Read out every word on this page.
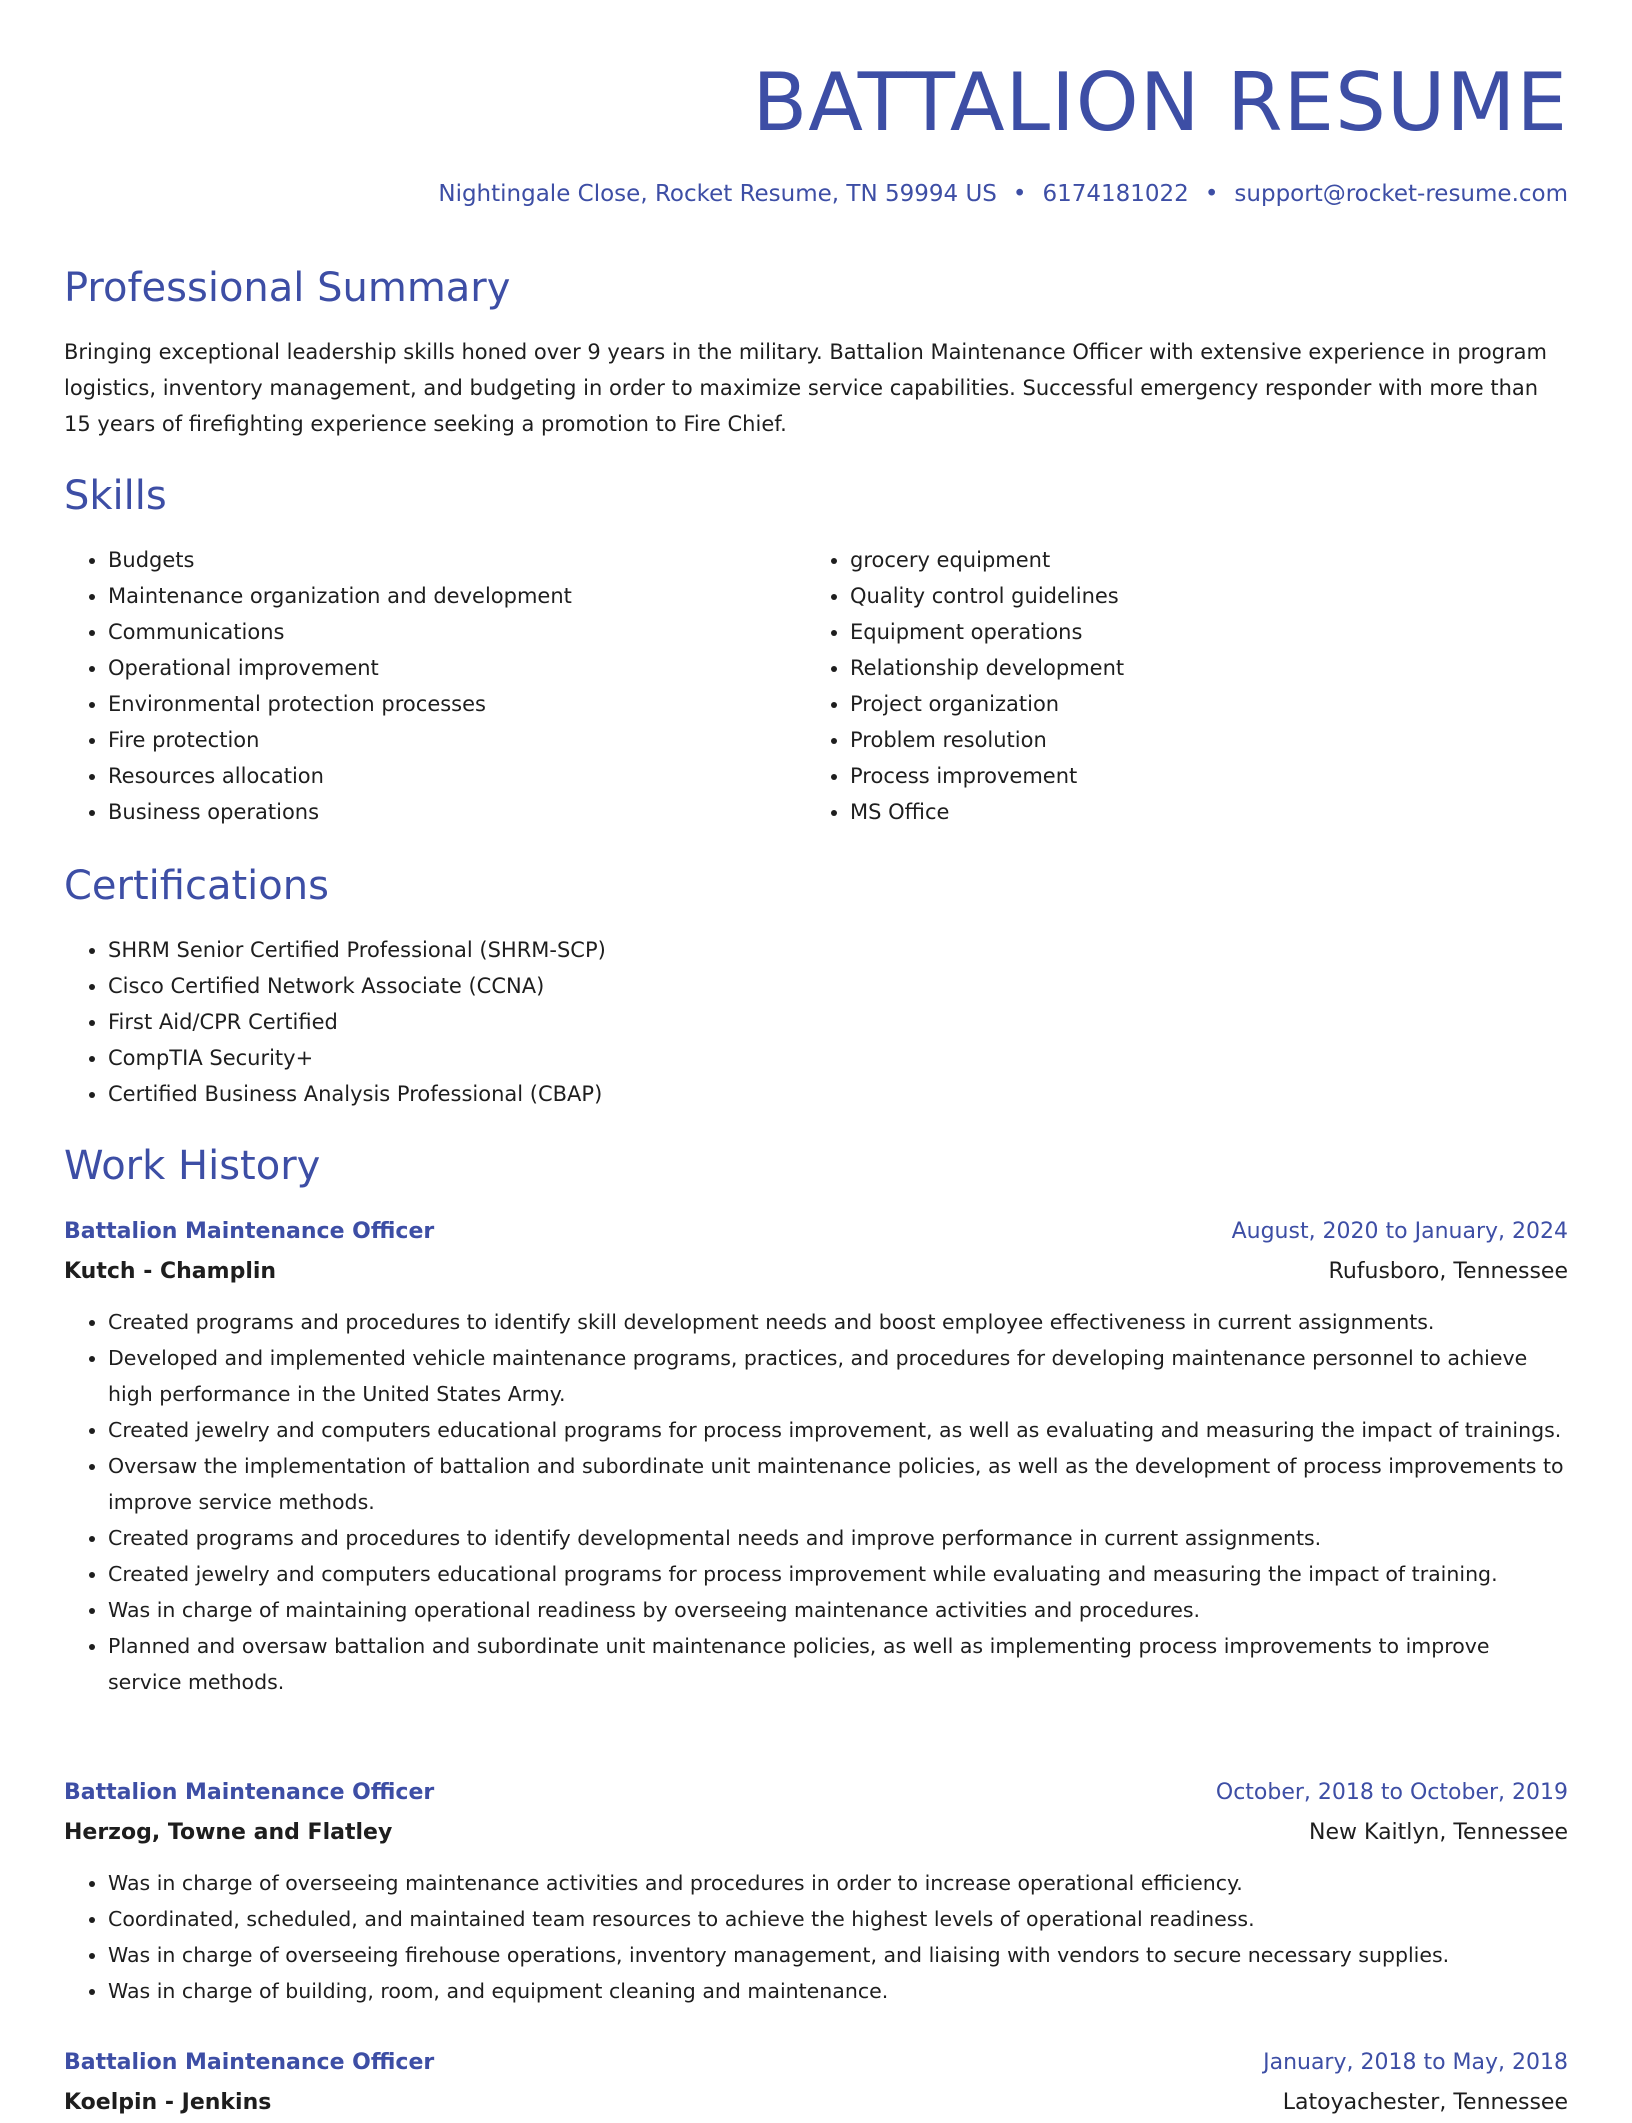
BATTALION RESUME
Nightingale Close, Rocket Resume, TN 59994 US • 6174181022 • support@rocket-resume.com
Professional Summary

Bringing exceptional leadership skills honed over 9 years in the military. Battalion Maintenance Officer with extensive experience in program logistics, inventory management, and budgeting in order to maximize service capabilities. Successful emergency responder with more than 15 years of firefighting experience seeking a promotion to Fire Chief.

Skills
• Budgets
• Maintenance organization and development
• Communications
• Operational improvement
• Environmental protection processes
• Fire protection
• Resources allocation
• Business operations
• grocery equipment
• Quality control guidelines
• Equipment operations
• Relationship development
• Project organization
• Problem resolution
• Process improvement
• MS Office
Certifications
• SHRM Senior Certified Professional (SHRM-SCP)
• Cisco Certified Network Associate (CCNA)
• First Aid/CPR Certified
• CompTIA Security+
• Certified Business Analysis Professional (CBAP)
Work History
Battalion Maintenance Officer	August, 2020 to January, 2024
Kutch - Champlin	Rufusboro, Tennessee
• Created programs and procedures to identify skill development needs and boost employee effectiveness in current assignments.
• Developed and implemented vehicle maintenance programs, practices, and procedures for developing maintenance personnel to achieve high performance in the United States Army.
• Created jewelry and computers educational programs for process improvement, as well as evaluating and measuring the impact of trainings.
• Oversaw the implementation of battalion and subordinate unit maintenance policies, as well as the development of process improvements to improve service methods.
• Created programs and procedures to identify developmental needs and improve performance in current assignments.
• Created jewelry and computers educational programs for process improvement while evaluating and measuring the impact of training.
• Was in charge of maintaining operational readiness by overseeing maintenance activities and procedures.
• Planned and oversaw battalion and subordinate unit maintenance policies, as well as implementing process improvements to improve service methods.
Battalion Maintenance Officer	October, 2018 to October, 2019
Herzog, Towne and Flatley	New Kaitlyn, Tennessee
• Was in charge of overseeing maintenance activities and procedures in order to increase operational efficiency.
• Coordinated, scheduled, and maintained team resources to achieve the highest levels of operational readiness.
• Was in charge of overseeing firehouse operations, inventory management, and liaising with vendors to secure necessary supplies.
• Was in charge of building, room, and equipment cleaning and maintenance.
Battalion Maintenance Officer	January, 2018 to May, 2018
Koelpin - Jenkins	Latoyachester, Tennessee
